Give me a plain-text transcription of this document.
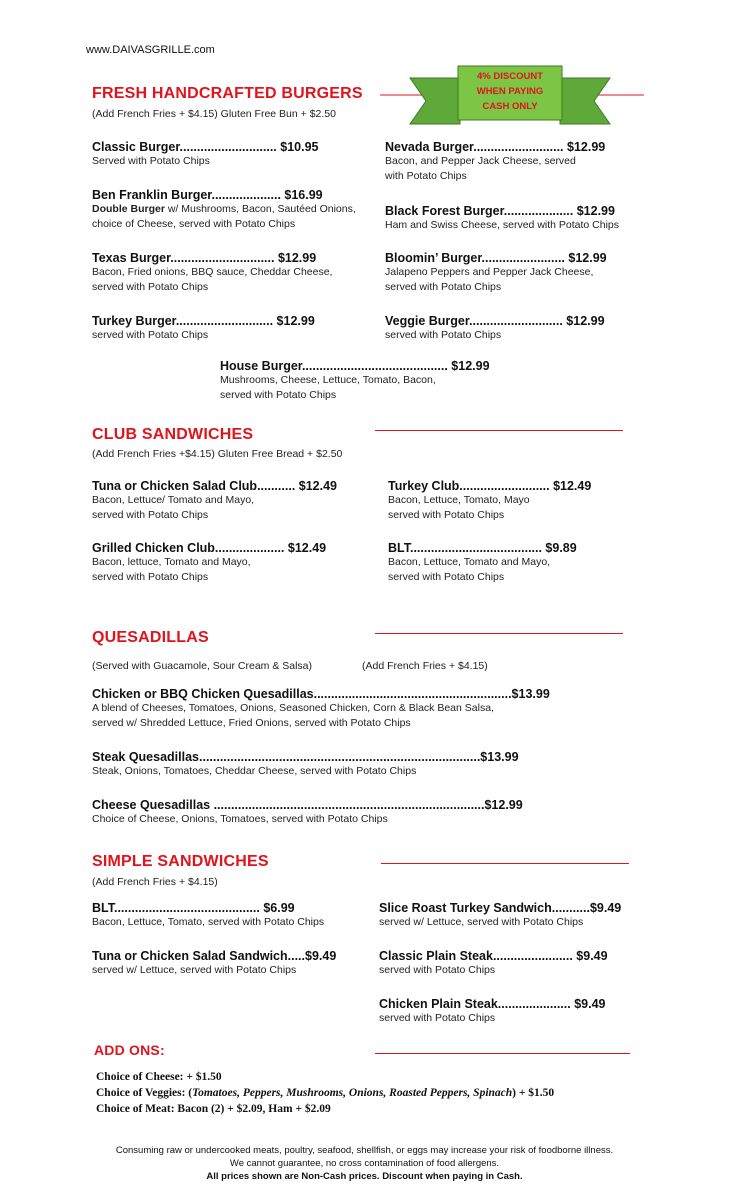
www.DAIVASGRILLE.com
4% DISCOUNT
WHEN PAYING
CASH ONLY
FRESH HANDCRAFTED BURGERS
(Add French Fries + $4.15) Gluten Free Bun + $2.50
Classic Burger............................ $10.95
Served with Potato Chips
Nevada Burger.......................... $12.99
Bacon, and Pepper Jack Cheese, served
with Potato Chips
Ben Franklin Burger.................... $16.99
Double Burger w/ Mushrooms, Bacon, Sautéed Onions,
choice of Cheese, served with Potato Chips
Black Forest Burger.................... $12.99
Ham and Swiss Cheese, served with Potato Chips
Texas Burger.............................. $12.99
Bacon, Fried onions, BBQ sauce, Cheddar Cheese,
served with Potato Chips
Bloomin’ Burger........................ $12.99
Jalapeno Peppers and Pepper Jack Cheese,
served with Potato Chips
Turkey Burger............................ $12.99
served with Potato Chips
Veggie Burger........................... $12.99
served with Potato Chips
House Burger.......................................... $12.99
Mushrooms, Cheese, Lettuce, Tomato, Bacon,
served with Potato Chips
CLUB SANDWICHES
(Add French Fries +$4.15) Gluten Free Bread + $2.50
Tuna or Chicken Salad Club........... $12.49
Bacon, Lettuce/ Tomato and Mayo,
served with Potato Chips
Turkey Club.......................... $12.49
Bacon, Lettuce, Tomato, Mayo
served with Potato Chips
Grilled Chicken Club.................... $12.49
Bacon, lettuce, Tomato and Mayo,
served with Potato Chips
BLT...................................... $9.89
Bacon, Lettuce, Tomato and Mayo,
served with Potato Chips
QUESADILLAS
(Served with Guacamole, Sour Cream & Salsa)	(Add French Fries + $4.15)
Chicken or BBQ Chicken Quesadillas.........................................................$13.99
A blend of Cheeses, Tomatoes, Onions, Seasoned Chicken, Corn & Black Bean Salsa,
served w/ Shredded Lettuce, Fried Onions, served with Potato Chips
Steak Quesadillas.................................................................................$13.99
Steak, Onions, Tomatoes, Cheddar Cheese, served with Potato Chips
Cheese Quesadillas ..............................................................................$12.99
Choice of Cheese, Onions, Tomatoes, served with Potato Chips
SIMPLE SANDWICHES
(Add French Fries + $4.15)
BLT.......................................... $6.99
Bacon, Lettuce, Tomato, served with Potato Chips
Slice Roast Turkey Sandwich...........$9.49
served w/ Lettuce, served with Potato Chips
Tuna or Chicken Salad Sandwich.....$9.49
served w/ Lettuce, served with Potato Chips
Classic Plain Steak....................... $9.49
served with Potato Chips
Chicken Plain Steak..................... $9.49
served with Potato Chips
ADD ONS:
Choice of Cheese: + $1.50
Choice of Veggies: (Tomatoes, Peppers, Mushrooms, Onions, Roasted Peppers, Spinach) + $1.50
Choice of Meat: Bacon (2) + $2.09, Ham + $2.09
Consuming raw or undercooked meats, poultry, seafood, shellfish, or eggs may increase your risk of foodborne illness.
We cannot guarantee, no cross contamination of food allergens.
All prices shown are Non-Cash prices. Discount when paying in Cash.
